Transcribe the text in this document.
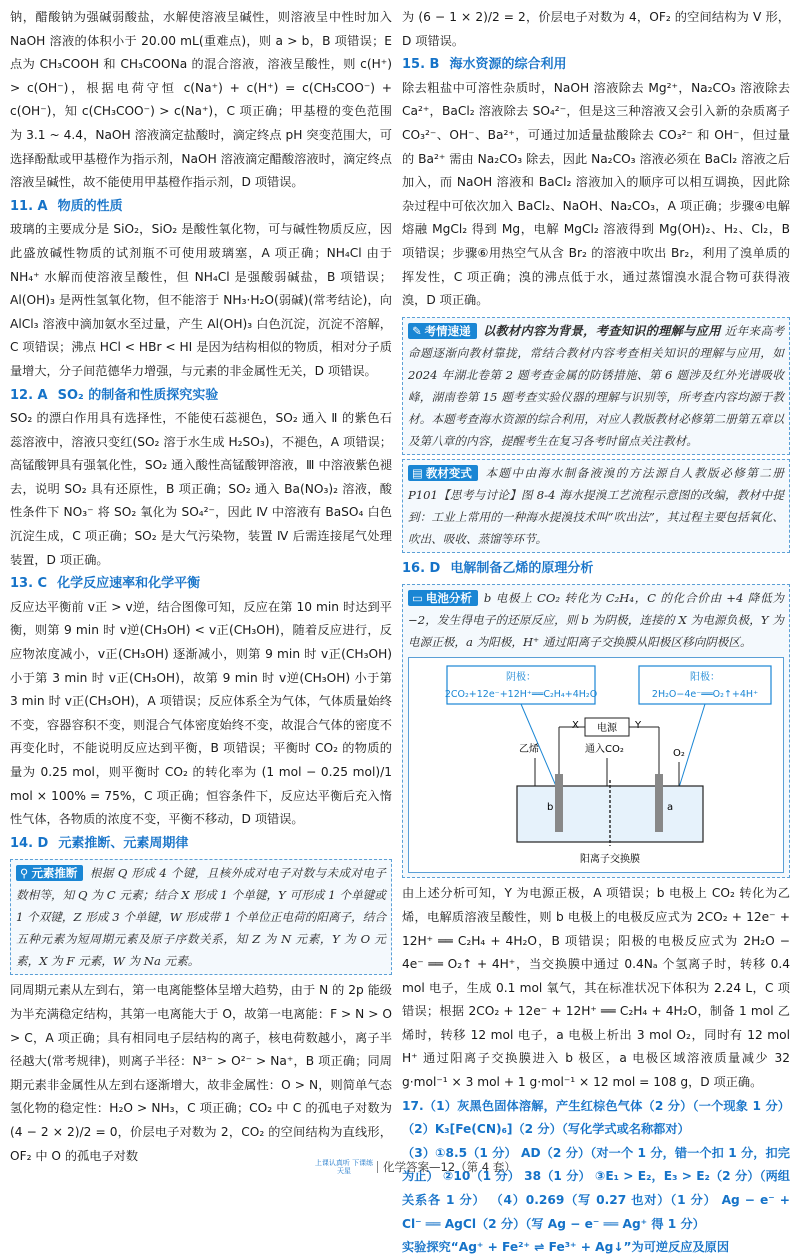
钠，醋酸钠为强碱弱酸盐，水解使溶液呈碱性，则溶液呈中性时加入 NaOH 溶液的体积小于 20.00 mL(重难点)，则 a > b，B 项错误；E 点为 CH₃COOH 和 CH₃COONa 的混合溶液，溶液呈酸性，则 c(H⁺) > c(OH⁻)，根据电荷守恒 c(Na⁺) + c(H⁺) = c(CH₃COO⁻) + c(OH⁻)，知 c(CH₃COO⁻) > c(Na⁺)，C 项正确；甲基橙的变色范围为 3.1 ~ 4.4，NaOH 溶液滴定盐酸时，滴定终点 pH 突变范围大，可选择酚酞或甲基橙作为指示剂，NaOH 溶液滴定醋酸溶液时，滴定终点溶液呈碱性，故不能使用甲基橙作指示剂，D 项错误。

11. A 物质的性质

玻璃的主要成分是 SiO₂，SiO₂ 是酸性氧化物，可与碱性物质反应，因此盛放碱性物质的试剂瓶不可使用玻璃塞，A 项正确；NH₄Cl 由于 NH₄⁺ 水解而使溶液呈酸性，但 NH₄Cl 是强酸弱碱盐，B 项错误；Al(OH)₃ 是两性氢氧化物，但不能溶于 NH₃·H₂O(弱碱)(常考结论)，向 AlCl₃ 溶液中滴加氨水至过量，产生 Al(OH)₃ 白色沉淀，沉淀不溶解，C 项错误；沸点 HCl < HBr < HI 是因为结构相似的物质，相对分子质量增大，分子间范德华力增强，与元素的非金属性无关，D 项错误。

12. A SO₂ 的制备和性质探究实验

SO₂ 的漂白作用具有选择性，不能使石蕊褪色，SO₂ 通入 Ⅱ 的紫色石蕊溶液中，溶液只变红(SO₂ 溶于水生成 H₂SO₃)，不褪色，A 项错误；高锰酸钾具有强氧化性，SO₂ 通入酸性高锰酸钾溶液，Ⅲ 中溶液紫色褪去，说明 SO₂ 具有还原性，B 项正确；SO₂ 通入 Ba(NO₃)₂ 溶液，酸性条件下 NO₃⁻ 将 SO₂ 氧化为 SO₄²⁻，因此 Ⅳ 中溶液有 BaSO₄ 白色沉淀生成，C 项正确；SO₂ 是大气污染物，装置 Ⅳ 后需连接尾气处理装置，D 项正确。

13. C 化学反应速率和化学平衡

反应达平衡前 v正 > v逆，结合图像可知，反应在第 10 min 时达到平衡，则第 9 min 时 v逆(CH₃OH) < v正(CH₃OH)，随着反应进行，反应物浓度减小，v正(CH₃OH) 逐渐减小，则第 9 min 时 v正(CH₃OH) 小于第 3 min 时 v正(CH₃OH)，故第 9 min 时 v逆(CH₃OH) 小于第 3 min 时 v正(CH₃OH)，A 项错误；反应体系全为气体，气体质量始终不变，容器容积不变，则混合气体密度始终不变，故混合气体的密度不再变化时，不能说明反应达到平衡，B 项错误；平衡时 CO₂ 的物质的量为 0.25 mol，则平衡时 CO₂ 的转化率为 (1 mol − 0.25 mol)/1 mol × 100% = 75%，C 项正确；恒容条件下，反应达平衡后充入惰性气体，各物质的浓度不变，平衡不移动，D 项错误。

14. D 元素推断、元素周期律

⚲ 元素推断 根据 Q 形成 4 个键，且核外成对电子对数与未成对电子数相等，知 Q 为 C 元素；结合 X 形成 1 个单键，Y 可形成 1 个单键或 1 个双键，Z 形成 3 个单键，W 形成带 1 个单位正电荷的阳离子，结合五种元素为短周期元素及原子序数关系，知 Z 为 N 元素，Y 为 O 元素，X 为 F 元素，W 为 Na 元素。

同周期元素从左到右，第一电离能整体呈增大趋势，由于 N 的 2p 能级为半充满稳定结构，其第一电离能大于 O，故第一电离能：F > N > O > C，A 项正确；具有相同电子层结构的离子，核电荷数越小，离子半径越大(常考规律)，则离子半径：N³⁻ > O²⁻ > Na⁺，B 项正确；同周期元素非金属性从左到右逐渐增大，故非金属性：O > N，则简单气态氢化物的稳定性：H₂O > NH₃，C 项正确；CO₂ 中 C 的孤电子对数为 (4 − 2 × 2)/2 = 0，价层电子对数为 2，CO₂ 的空间结构为直线形，OF₂ 中 O 的孤电子对数

为 (6 − 1 × 2)/2 = 2，价层电子对数为 4，OF₂ 的空间结构为 V 形，D 项错误。

15. B 海水资源的综合利用

除去粗盐中可溶性杂质时，NaOH 溶液除去 Mg²⁺，Na₂CO₃ 溶液除去 Ca²⁺，BaCl₂ 溶液除去 SO₄²⁻，但是这三种溶液又会引入新的杂质离子 CO₃²⁻、OH⁻、Ba²⁺，可通过加适量盐酸除去 CO₃²⁻ 和 OH⁻，但过量的 Ba²⁺ 需由 Na₂CO₃ 除去，因此 Na₂CO₃ 溶液必须在 BaCl₂ 溶液之后加入，而 NaOH 溶液和 BaCl₂ 溶液加入的顺序可以相互调换，因此除杂过程中可依次加入 BaCl₂、NaOH、Na₂CO₃，A 项正确；步骤④电解熔融 MgCl₂ 得到 Mg，电解 MgCl₂ 溶液得到 Mg(OH)₂、H₂、Cl₂，B 项错误；步骤⑥用热空气从含 Br₂ 的溶液中吹出 Br₂，利用了溴单质的挥发性，C 项正确；溴的沸点低于水，通过蒸馏溴水混合物可获得液溴，D 项正确。

✎ 考情速递 以教材内容为背景，考查知识的理解与应用 近年来高考命题逐渐向教材靠拢，常结合教材内容考查相关知识的理解与应用，如 2024 年湖北卷第 2 题考查金属的防锈措施、第 6 题涉及红外光谱吸收峰，湖南卷第 15 题考查实验仪器的理解与识别等，所考查内容均源于教材。本题考查海水资源的综合利用，对应人教版教材必修第二册第五章以及第八章的内容，提醒考生在复习各考时留点关注教材。
▤ 教材变式 本题中由海水制备液溴的方法源自人教版必修第二册 P101【思考与讨论】图 8-4 海水提溴工艺流程示意图的改编，教材中提到：工业上常用的一种海水提溴技术叫“吹出法”，其过程主要包括氧化、吹出、吸收、蒸馏等环节。

16. D 电解制备乙烯的原理分析

▭ 电池分析 b 电极上 CO₂ 转化为 C₂H₄，C 的化合价由 +4 降低为 −2，发生得电子的还原反应，则 b 为阴极，连接的 X 为电源负极，Y 为电源正极，a 为阳极，H⁺ 通过阳离子交换膜从阳极区移向阴极区。
阴极：
2CO₂+12e⁻+12H⁺══C₂H₄+4H₂O
阳极：
2H₂O−4e⁻══O₂↑+4H⁺
电源
X	Y
乙烯	通入CO₂	O₂
b	a
阳离子交换膜

由上述分析可知，Y 为电源正极，A 项错误；b 电极上 CO₂ 转化为乙烯，电解质溶液呈酸性，则 b 电极上的电极反应式为 2CO₂ + 12e⁻ + 12H⁺ ══ C₂H₄ + 4H₂O，B 项错误；阳极的电极反应式为 2H₂O − 4e⁻ ══ O₂↑ + 4H⁺，当交换膜中通过 0.4Nₐ 个氢离子时，转移 0.4 mol 电子，生成 0.1 mol 氧气，其在标准状况下体积为 2.24 L，C 项错误；根据 2CO₂ + 12e⁻ + 12H⁺ ══ C₂H₄ + 4H₂O，制备 1 mol 乙烯时，转移 12 mol 电子，a 电极上析出 3 mol O₂，同时有 12 mol H⁺ 通过阳离子交换膜进入 b 极区，a 电极区域溶液质量减少 32 g·mol⁻¹ × 3 mol + 1 g·mol⁻¹ × 12 mol = 108 g，D 项正确。

17.（1）灰黑色固体溶解，产生红棕色气体（2 分）（一个现象 1 分） （2）K₃[Fe(CN)₆]（2 分）（写化学式或名称都对）

（3）①8.5（1 分） AD（2 分）（对一个 1 分，错一个扣 1 分，扣完为止） ②10（1 分） 38（1 分） ③E₁ > E₂，E₃ > E₂（2 分）（两组关系各 1 分） （4）0.269（写 0.27 也对）（1 分） Ag − e⁻ + Cl⁻ ══ AgCl（2 分）（写 Ag − e⁻ ══ Ag⁺ 得 1 分）

实验探究“Ag⁺ + Fe²⁺ ⇌ Fe³⁺ + Ag↓”为可逆反应及原因

上课认真听 下课练天星	化学答案—12（第 4 套）
